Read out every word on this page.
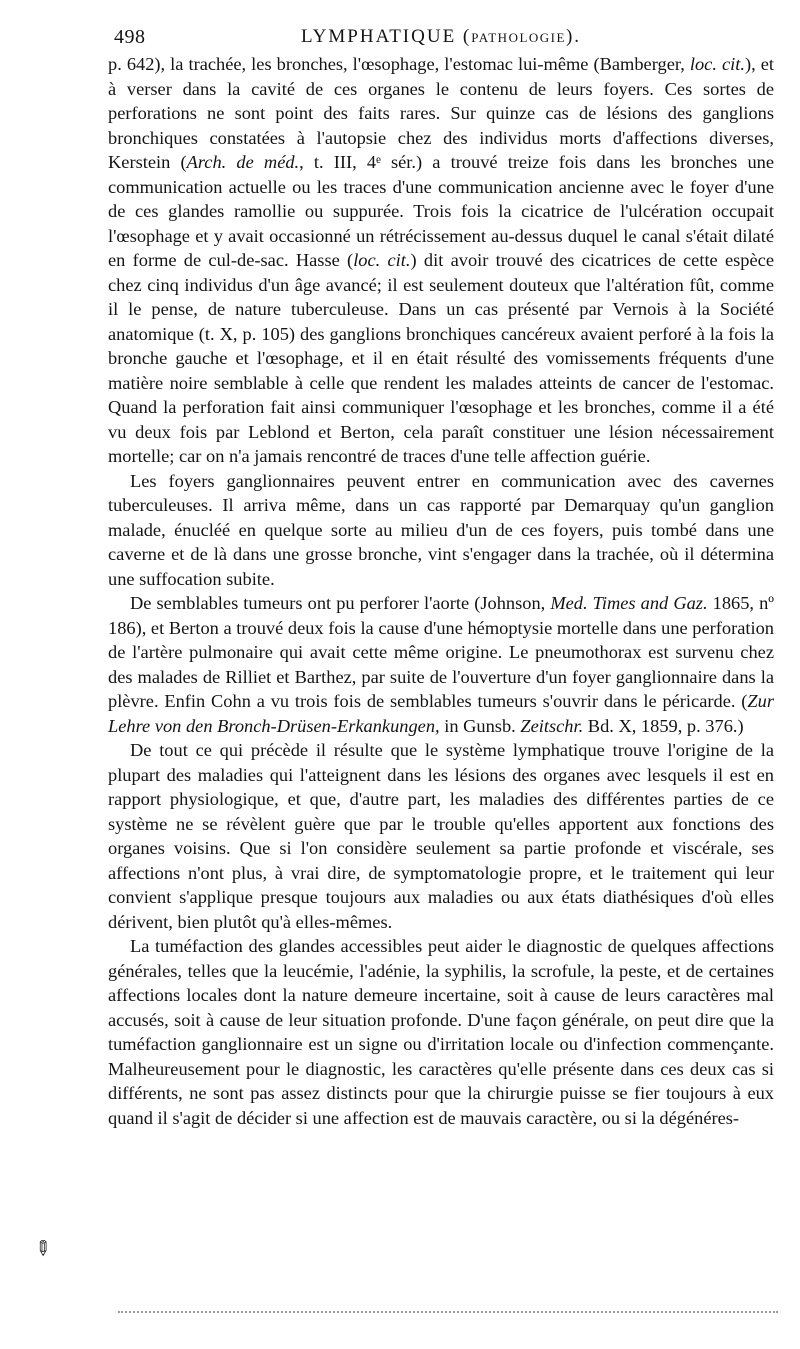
498	LYMPHATIQUE (PATHOLOGIE).

p. 642), la trachée, les bronches, l'œsophage, l'estomac lui-même (Bamberger, loc. cit.), et à verser dans la cavité de ces organes le contenu de leurs foyers. Ces sortes de perforations ne sont point des faits rares. Sur quinze cas de lésions des ganglions bronchiques constatées à l'autopsie chez des individus morts d'affections diverses, Kerstein (Arch. de méd., t. III, 4ᵉ sér.) a trouvé treize fois dans les bronches une communication actuelle ou les traces d'une communication ancienne avec le foyer d'une de ces glandes ramollie ou suppurée. Trois fois la cicatrice de l'ulcération occupait l'œsophage et y avait occasionné un rétrécissement au-dessus duquel le canal s'était dilaté en forme de cul-de-sac. Hasse (loc. cit.) dit avoir trouvé des cicatrices de cette espèce chez cinq individus d'un âge avancé; il est seulement douteux que l'altération fût, comme il le pense, de nature tuberculeuse. Dans un cas présenté par Vernois à la Société anatomique (t. X, p. 105) des ganglions bronchiques cancéreux avaient perforé à la fois la bronche gauche et l'œsophage, et il en était résulté des vomissements fréquents d'une matière noire semblable à celle que rendent les malades atteints de cancer de l'estomac. Quand la perforation fait ainsi communiquer l'œsophage et les bronches, comme il a été vu deux fois par Leblond et Berton, cela paraît constituer une lésion nécessairement mortelle; car on n'a jamais rencontré de traces d'une telle affection guérie.

Les foyers ganglionnaires peuvent entrer en communication avec des cavernes tuberculeuses. Il arriva même, dans un cas rapporté par Demarquay qu'un ganglion malade, énucléé en quelque sorte au milieu d'un de ces foyers, puis tombé dans une caverne et de là dans une grosse bronche, vint s'engager dans la trachée, où il détermina une suffocation subite.

De semblables tumeurs ont pu perforer l'aorte (Johnson, Med. Times and Gaz. 1865, nº 186), et Berton a trouvé deux fois la cause d'une hémoptysie mortelle dans une perforation de l'artère pulmonaire qui avait cette même origine. Le pneumothorax est survenu chez des malades de Rilliet et Barthez, par suite de l'ouverture d'un foyer ganglionnaire dans la plèvre. Enfin Cohn a vu trois fois de semblables tumeurs s'ouvrir dans le péricarde. (Zur Lehre von den Bronch-Drüsen-Erkankungen, in Gunsb. Zeitschr. Bd. X, 1859, p. 376.)

De tout ce qui précède il résulte que le système lymphatique trouve l'origine de la plupart des maladies qui l'atteignent dans les lésions des organes avec lesquels il est en rapport physiologique, et que, d'autre part, les maladies des différentes parties de ce système ne se révèlent guère que par le trouble qu'elles apportent aux fonctions des organes voisins. Que si l'on considère seulement sa partie profonde et viscérale, ses affections n'ont plus, à vrai dire, de symptomatologie propre, et le traitement qui leur convient s'applique presque toujours aux maladies ou aux états diathésiques d'où elles dérivent, bien plutôt qu'à elles-mêmes.

La tuméfaction des glandes accessibles peut aider le diagnostic de quelques affections générales, telles que la leucémie, l'adénie, la syphilis, la scrofule, la peste, et de certaines affections locales dont la nature demeure incertaine, soit à cause de leurs caractères mal accusés, soit à cause de leur situation profonde. D'une façon générale, on peut dire que la tuméfaction ganglionnaire est un signe ou d'irritation locale ou d'infection commençante. Malheureusement pour le diagnostic, les caractères qu'elle présente dans ces deux cas si différents, ne sont pas assez distincts pour que la chirurgie puisse se fier toujours à eux quand il s'agit de décider si une affection est de mauvais caractère, ou si la dégénéres-

✎
